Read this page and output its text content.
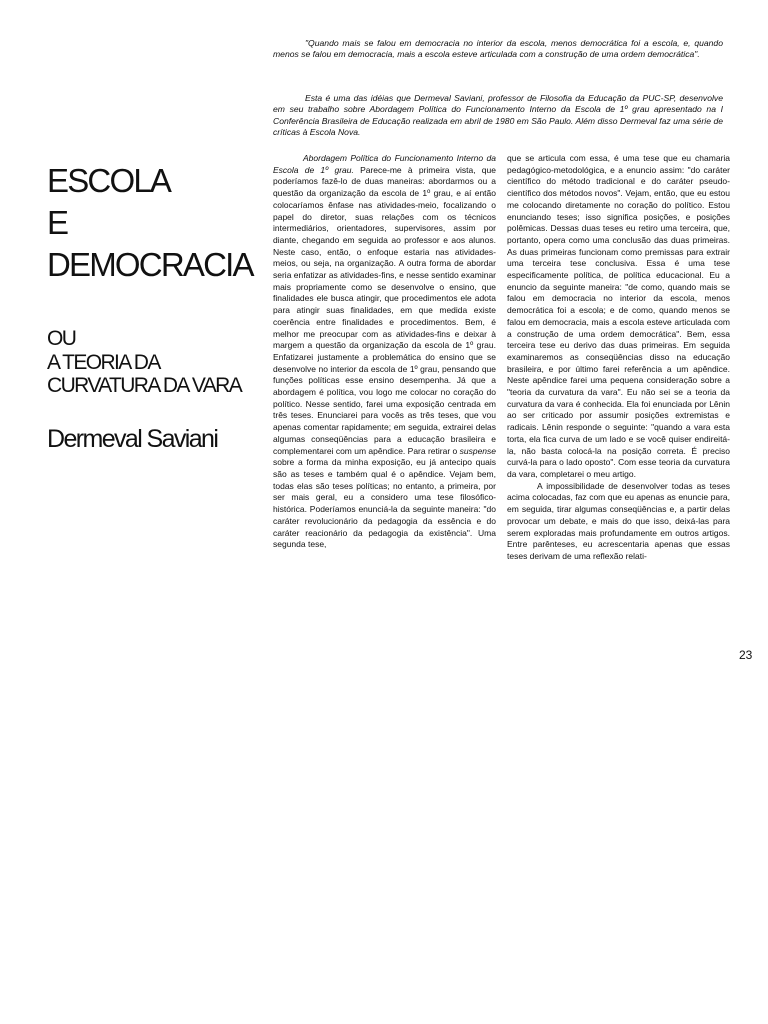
"Quando mais se falou em democracia no interior da escola, menos democrática foi a escola, e, quando menos se falou em democracia, mais a escola esteve articulada com a construção de uma ordem democrática".

Esta é uma das idéias que Dermeval Saviani, professor de Filosofia da Educação da PUC-SP, desenvolve em seu trabalho sobre Abordagem Política do Funcionamento Interno da Escola de 1º grau apresentado na I Conferência Brasileira de Educação realizada em abril de 1980 em São Paulo. Além disso Dermeval faz uma série de críticas à Escola Nova.

ESCOLA
E
DEMOCRACIA
OU
A TEORIA DA
CURVATURA DA VARA
Dermeval Saviani

Abordagem Política do Funcionamento Interno da Escola de 1º grau. Parece-me à primeira vista, que poderíamos fazê-lo de duas maneiras: abordarmos ou a questão da organização da escola de 1º grau, e aí então colocaríamos ênfase nas atividades-meio, focalizando o papel do diretor, suas relações com os técnicos intermediários, orientadores, supervisores, assim por diante, chegando em seguida ao professor e aos alunos. Neste caso, então, o enfoque estaria nas atividades-meios, ou seja, na organização. A outra forma de abordar seria enfatizar as atividades-fins, e nesse sentido examinar mais propriamente como se desenvolve o ensino, que finalidades ele busca atingir, que procedimentos ele adota para atingir suas finalidades, em que medida existe coerência entre finalidades e procedimentos. Bem, é melhor me preocupar com as atividades-fins e deixar à margem a questão da organização da escola de 1º grau. Enfatizarei justamente a problemática do ensino que se desenvolve no interior da escola de 1º grau, pensando que funções políticas esse ensino desempenha. Já que a abordagem é política, vou logo me colocar no coração do político. Nesse sentido, farei uma exposição centrada em três teses. Enunciarei para vocês as três teses, que vou apenas comentar rapidamente; em seguida, extrairei delas algumas conseqüências para a educação brasileira e complementarei com um apêndice. Para retirar o suspense sobre a forma da minha exposição, eu já antecipo quais são as teses e também qual é o apêndice. Vejam bem, todas elas são teses políticas; no entanto, a primeira, por ser mais geral, eu a considero uma tese filosófico-histórica. Poderíamos enunciá-la da seguinte maneira: "do caráter revolucionário da pedagogia da essência e do caráter reacionário da pedagogia da existência". Uma segunda tese,

que se articula com essa, é uma tese que eu chamaria pedagógico-metodológica, e a enuncio assim: "do caráter científico do método tradicional e do caráter pseudo-científico dos métodos novos". Vejam, então, que eu estou me colocando diretamente no coração do político. Estou enunciando teses; isso significa posições, e posições polêmicas. Dessas duas teses eu retiro uma terceira, que, portanto, opera como uma conclusão das duas primeiras. As duas primeiras funcionam como premissas para extrair uma terceira tese conclusiva. Essa é uma tese especificamente política, de política educacional. Eu a enuncio da seguinte maneira: "de como, quando mais se falou em democracia no interior da escola, menos democrática foi a escola; e de como, quando menos se falou em democracia, mais a escola esteve articulada com a construção de uma ordem democrática". Bem, essa terceira tese eu derivo das duas primeiras. Em seguida examinaremos as conseqüências disso na educação brasileira, e por último farei referência a um apêndice. Neste apêndice farei uma pequena consideração sobre a "teoria da curvatura da vara". Eu não sei se a teoria da curvatura da vara é conhecida. Ela foi enunciada por Lênin ao ser criticado por assumir posições extremistas e radicais. Lênin responde o seguinte: "quando a vara esta torta, ela fica curva de um lado e se você quiser endireitá-la, não basta colocá-la na posição correta. É preciso curvá-la para o lado oposto". Com esse teoria da curvatura da vara, completarei o meu artigo.

A impossibilidade de desenvolver todas as teses acima colocadas, faz com que eu apenas as enuncie para, em seguida, tirar algumas conseqüências e, a partir delas provocar um debate, e mais do que isso, deixá-las para serem exploradas mais profundamente em outros artigos. Entre parênteses, eu acrescentaria apenas que essas teses derivam de uma reflexão relati-

23
